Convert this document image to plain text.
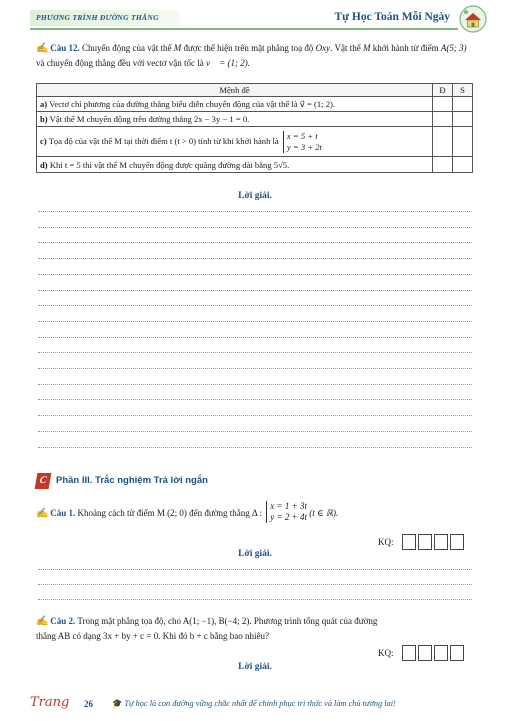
PHƯƠNG TRÌNH ĐƯỜNG THẲNG	Tự Học Toán Mỗi Ngày
✍ Câu 12. Chuyển động của vật thể M được thể hiện trên mặt phẳng toạ độ Oxy. Vật thể M khởi hành từ điểm A(5; 3) và chuyển động thẳng đều với vectơ vận tốc là v⃗ = (1; 2).
Mệnh đề	Đ	S
a) Vectơ chỉ phương của đường thẳng biểu diễn chuyển động của vật thể là v⃗ = (1; 2).		
b) Vật thể M chuyển động trên đường thẳng 2x − 3y − 1 = 0.		
c) Tọa độ của vật thể M tại thời điểm t (t > 0) tính từ khi khởi hành là x = 5 + t
y = 3 + 2t		
d) Khi t = 5 thì vật thể M chuyển động được quãng đường dài bằng 5√5.		
Lời giải.
C Phần III. Trắc nghiệm Trả lời ngắn
✍ Câu 1. Khoảng cách từ điểm M (2; 0) đến đường thẳng Δ : x = 1 + 3t
y = 2 + 4t (t ∈ ℝ).
KQ:
Lời giải.
✍ Câu 2. Trong mặt phẳng tọa độ, cho A(1; −1), B(−4; 2). Phương trình tổng quát của đường
thẳng AB có dạng 3x + by + c = 0. Khi đó b + c bằng bao nhiêu?
KQ:
Lời giải.
Trang 26 🎓 Tự học là con đường vững chắc nhất để chinh phục tri thức và làm chủ tương lai!
